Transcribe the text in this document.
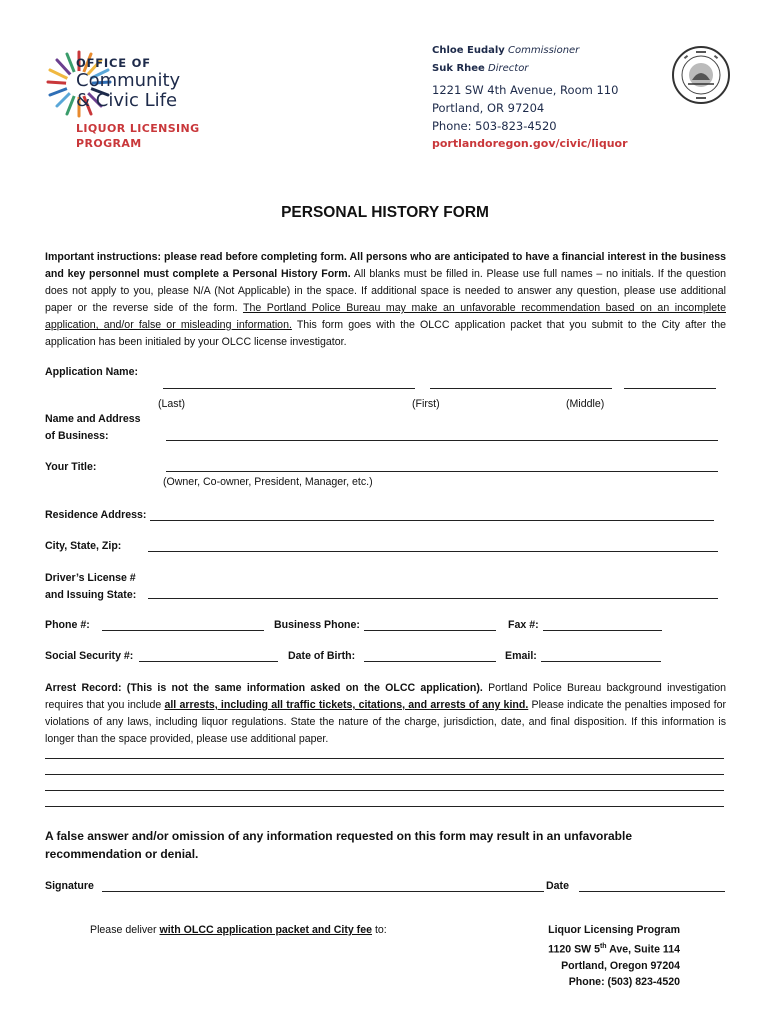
OFFICE OF
Community
& Civic Life
LIQUOR LICENSING
PROGRAM
Chloe Eudaly Commissioner
Suk Rhee Director
1221 SW 4th Avenue, Room 110
Portland, OR 97204
Phone: 503-823-4520
portlandoregon.gov/civic/liquor
PERSONAL HISTORY FORM
Important instructions: please read before completing form. All persons who are anticipated to have a financial interest in the business and key personnel must complete a Personal History Form. All blanks must be filled in. Please use full names – no initials. If the question does not apply to you, please N/A (Not Applicable) in the space. If additional space is needed to answer any question, please use additional paper or the reverse side of the form. The Portland Police Bureau may make an unfavorable recommendation based on an incomplete application, and/or false or misleading information. This form goes with the OLCC application packet that you submit to the City after the application has been initialed by your OLCC license investigator.
Application Name:
(Last)	(First)	(Middle)
Name and Address
of Business:
Your Title:
(Owner, Co-owner, President, Manager, etc.)
Residence Address:
City, State, Zip:
Driver’s License #
and Issuing State:
Phone #:	Business Phone:	Fax #:
Social Security #:	Date of Birth:	Email:
Arrest Record: (This is not the same information asked on the OLCC application). Portland Police Bureau background investigation requires that you include all arrests, including all traffic tickets, citations, and arrests of any kind. Please indicate the penalties imposed for violations of any laws, including liquor regulations. State the nature of the charge, jurisdiction, date, and final disposition. If this information is longer than the space provided, please use additional paper.
A false answer and/or omission of any information requested on this form may result in an unfavorable
recommendation or denial.
Signature	Date
Please deliver with OLCC application packet and City fee to:	Liquor Licensing Program
1120 SW 5th Ave, Suite 114
Portland, Oregon 97204
Phone: (503) 823-4520
